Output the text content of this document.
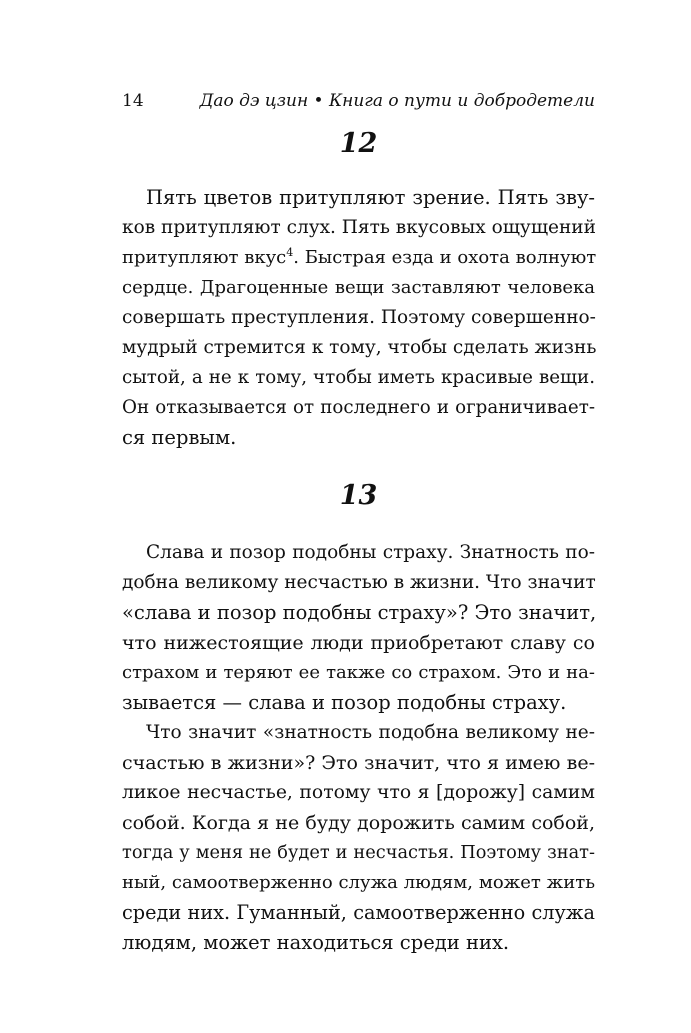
14	Дао дэ цзин • Книга о пути и добродетели
12
Пять цветов притупляют зрение. Пять зву-
ков притупляют слух. Пять вкусовых ощущений
притупляют вкус$^4$. Быстрая езда и охота волнуют
сердце. Драгоценные вещи заставляют человека
совершать преступления. Поэтому совершенно-
мудрый стремится к тому, чтобы сделать жизнь
сытой, а не к тому, чтобы иметь красивые вещи.
Он отказывается от последнего и ограничивает-
ся первым.
13
Слава и позор подобны страху. Знатность по-
добна великому несчастью в жизни. Что значит
«слава и позор подобны страху»? Это значит,
что нижестоящие люди приобретают славу со
страхом и теряют ее также со страхом. Это и на-
зывается — слава и позор подобны страху.
Что значит «знатность подобна великому не-
счастью в жизни»? Это значит, что я имею ве-
ликое несчастье, потому что я [дорожу] самим
собой. Когда я не буду дорожить самим собой,
тогда у меня не будет и несчастья. Поэтому знат-
ный, самоотверженно служа людям, может жить
среди них. Гуманный, самоотверженно служа
людям, может находиться среди них.
